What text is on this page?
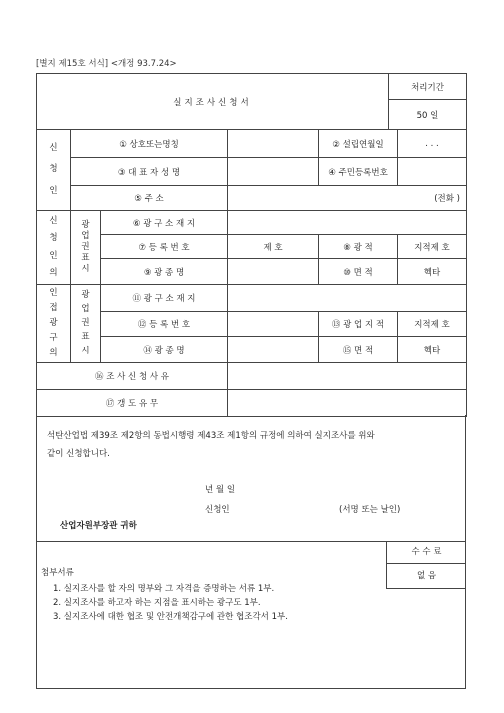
[별지 제15호 서식] <개정 93.7.24>
실지조사신청서	처리기간
50 일
신
청
인	① 상호또는명칭			② 설립연월일	. . .
	③ 대 표 자 성 명			④ 주민등록번호	
	⑤ 주 소		(전화 )		

신
청
인
의	광
업
권
표
시	⑥ 광 구 소 재 지			
		⑦ 등 록 번 호	제 호	⑧ 광 적	지적제 호
		⑨ 광 종 명		⑩ 면 적	헥타

인
접
광
구
의	광
업
권
표
시	⑪ 광 구 소 재 지			
		⑫ 등 록 번 호		⑬ 광 업 지 적	지적제 호
		⑭ 광 종 명		⑮ 면 적	헥타
⑯ 조 사 신 청 사 유					
⑰ 갱 도 유 무					
석탄산업법 제39조 제2항의 동법시행령 제43조 제1항의 규정에 의하여 실지조사를 위와
같이 신청합니다.
년 월 일
신청인	(서명 또는 날인)
산업자원부장관 귀하
첨부서류
1. 실지조사를 할 자의 명부와 그 자격을 증명하는 서류 1부.
2. 실지조사를 하고자 하는 지점을 표시하는 광구도 1부.
3. 실지조사에 대한 협조 및 안전개책감구에 관한 협조각서 1부.
수 수 료
없 음
